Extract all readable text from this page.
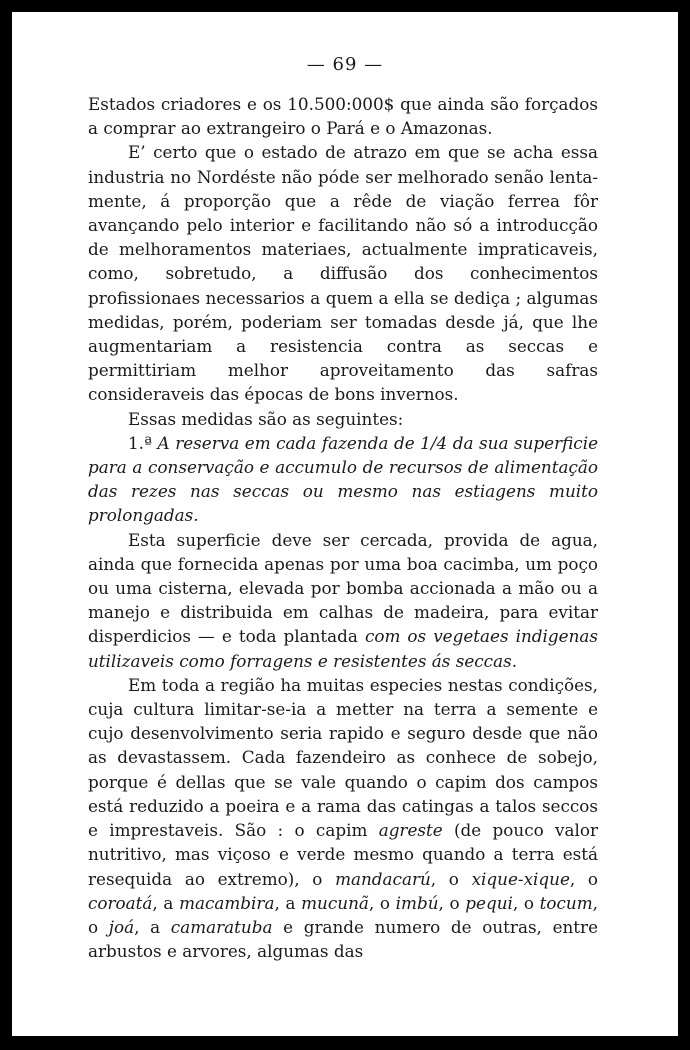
— 69 —

Estados criadores e os 10.500:000$ que ainda são forçados a comprar ao extrangeiro o Pará e o Amazonas.

E’ certo que o estado de atrazo em que se acha essa industria no Nordéste não póde ser melhorado senão lentamente, á proporção que a rêde de viação ferrea fôr avançando pelo interior e facilitando não só a introducção de melhoramentos materiaes, actualmente impraticaveis, como, sobretudo, a diffusão dos conhecimentos profissionaes necessarios a quem a ella se dediça ; algumas medidas, porém, poderiam ser tomadas desde já, que lhe augmentariam a resistencia contra as seccas e permittiriam melhor aproveitamento das safras consideraveis das épocas de bons invernos.

Essas medidas são as seguintes:

1.ª A reserva em cada fazenda de 1/4 da sua superficie para a conservação e accumulo de recursos de alimentação das rezes nas seccas ou mesmo nas estiagens muito prolongadas.

Esta superficie deve ser cercada, provida de agua, ainda que fornecida apenas por uma boa cacimba, um poço ou uma cisterna, elevada por bomba accionada a mão ou a manejo e distribuida em calhas de madeira, para evitar disperdicios — e toda plantada com os vegetaes indigenas utilizaveis como forragens e resistentes ás seccas.

Em toda a região ha muitas especies nestas condições, cuja cultura limitar-se-ia a metter na terra a semente e cujo desenvolvimento seria rapido e seguro desde que não as devastassem. Cada fazendeiro as conhece de sobejo, porque é dellas que se vale quando o capim dos campos está reduzido a poeira e a rama das catingas a talos seccos e imprestaveis. São : o capim agreste (de pouco valor nutritivo, mas viçoso e verde mesmo quando a terra está resequida ao extremo), o mandacarú, o xique-xique, o coroatá, a macambira, a mucunã, o imbú, o pequi, o tocum, o joá, a camaratuba e grande numero de outras, entre arbustos e arvores, algumas das
